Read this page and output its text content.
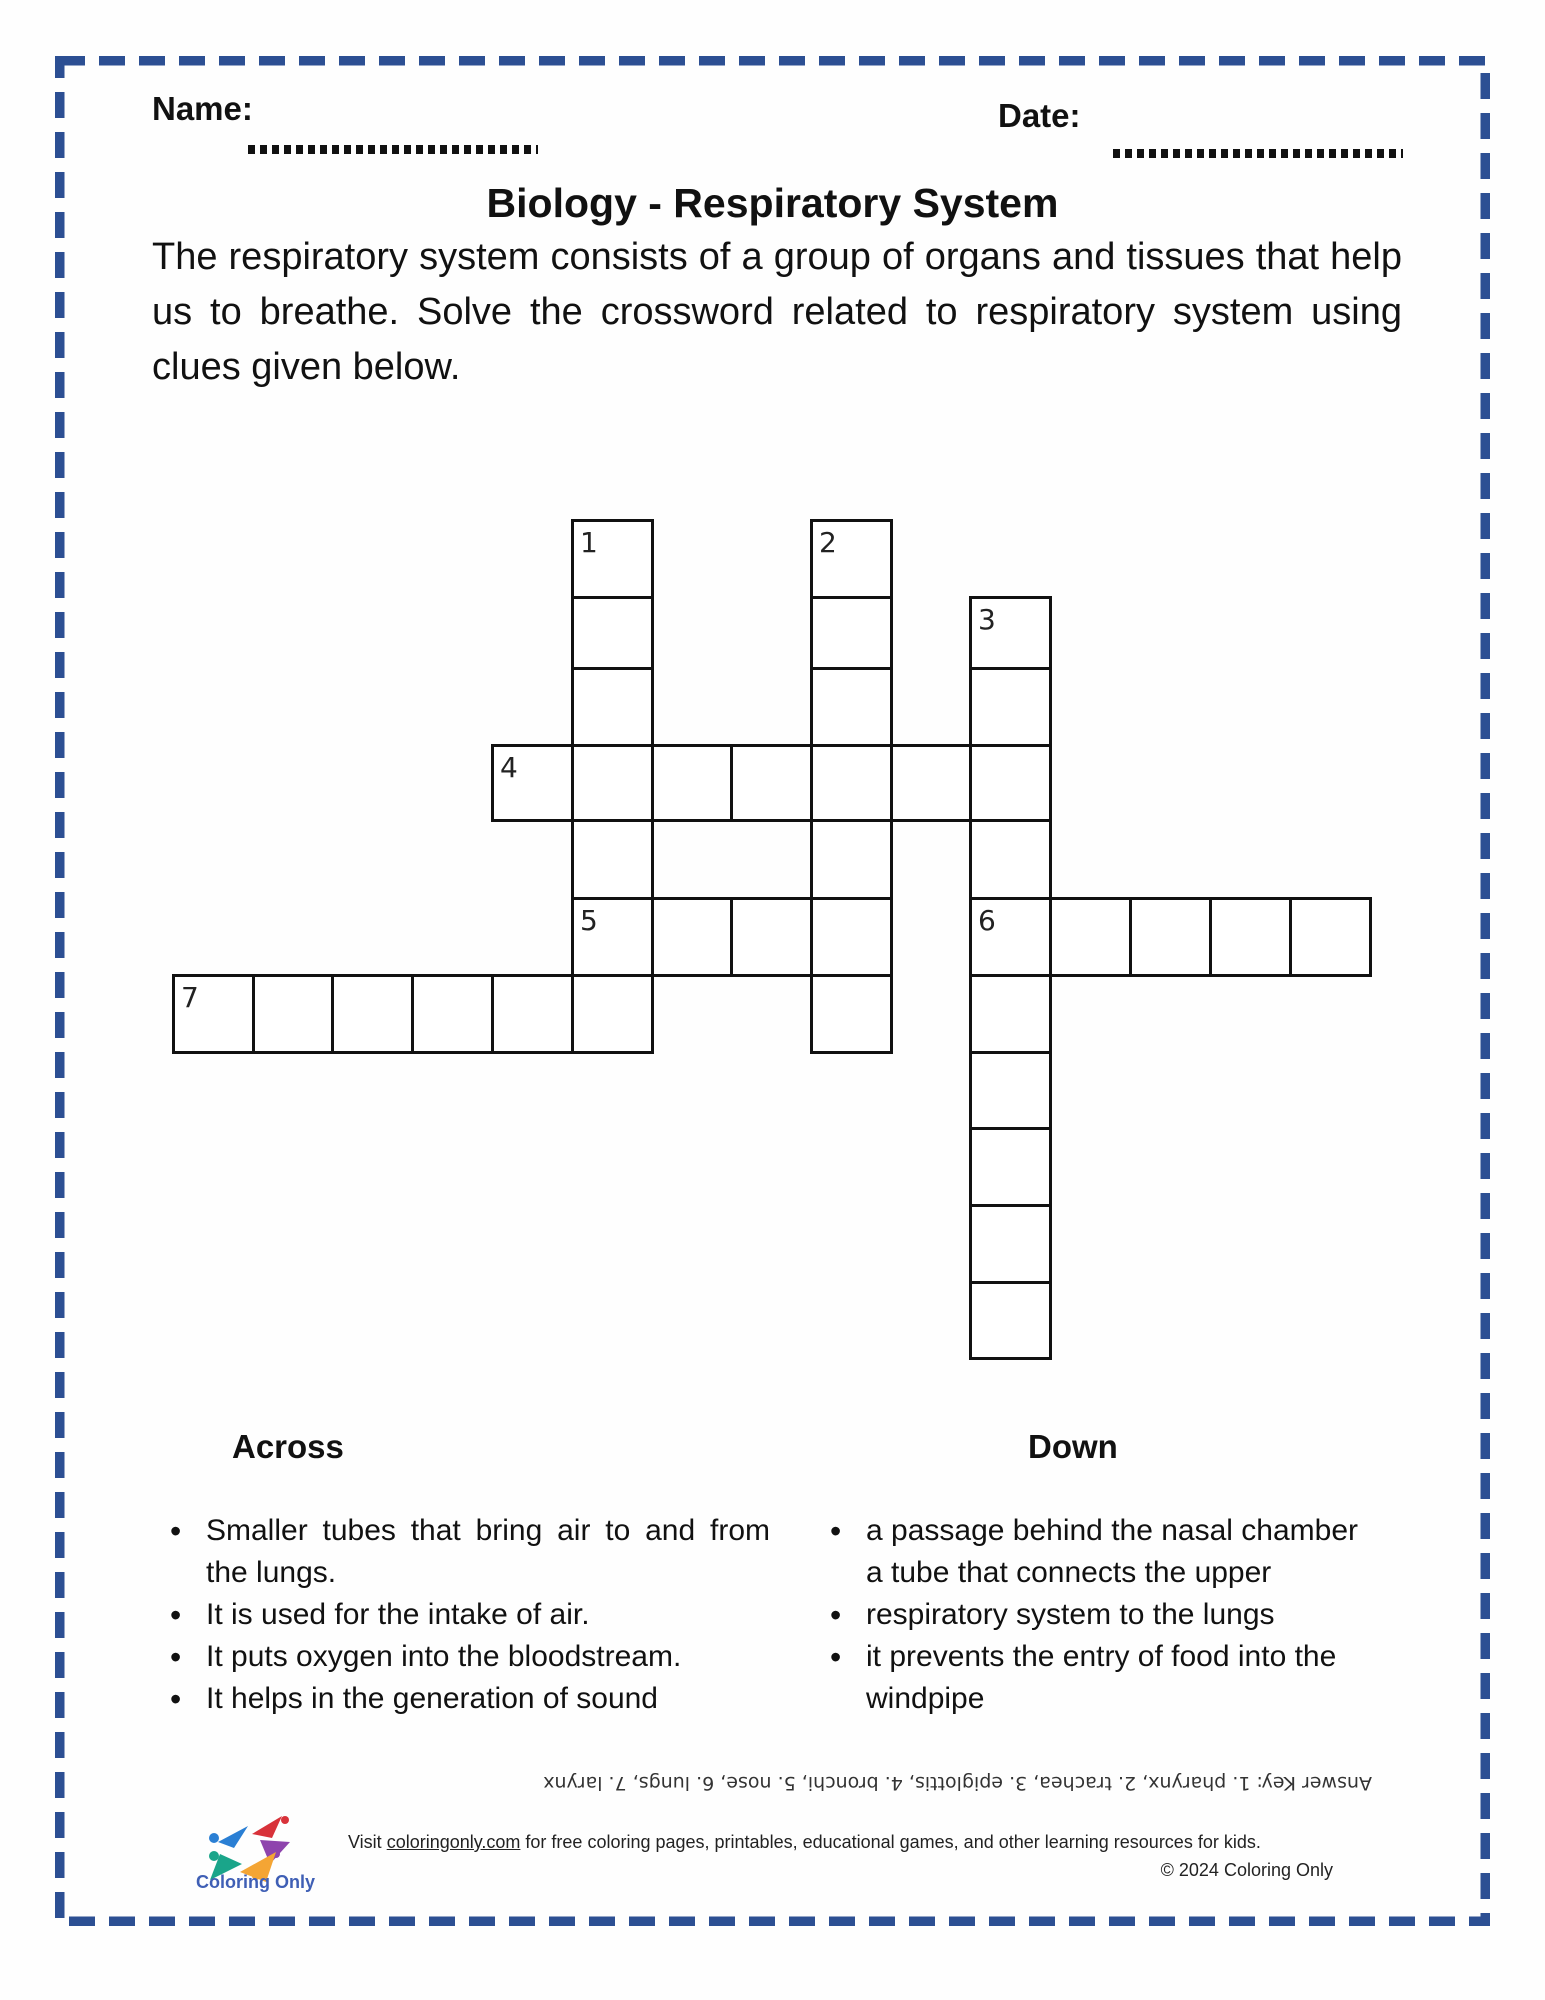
Name:	Date:
Biology - Respiratory System
The respiratory system consists of a group of organs and tissues that help us to breathe. Solve the crossword related to respiratory system using clues given below.
1
5
2
3
6
4
7
Across	Down
• Smaller tubes that bring air to and from the lungs.
• It is used for the intake of air.
• It puts oxygen into the bloodstream.
• It helps in the generation of sound
• a passage behind the nasal chamber
a tube that connects the upper
• respiratory system to the lungs
• it prevents the entry of food into the windpipe
Answer Key: 1. pharynx, 2. trachea, 3. epiglottis, 4. bronchi, 5. nose, 6. lungs, 7. larynx
Coloring Only
Visit coloringonly.com for free coloring pages, printables, educational games, and other learning resources for kids.
© 2024 Coloring Only
